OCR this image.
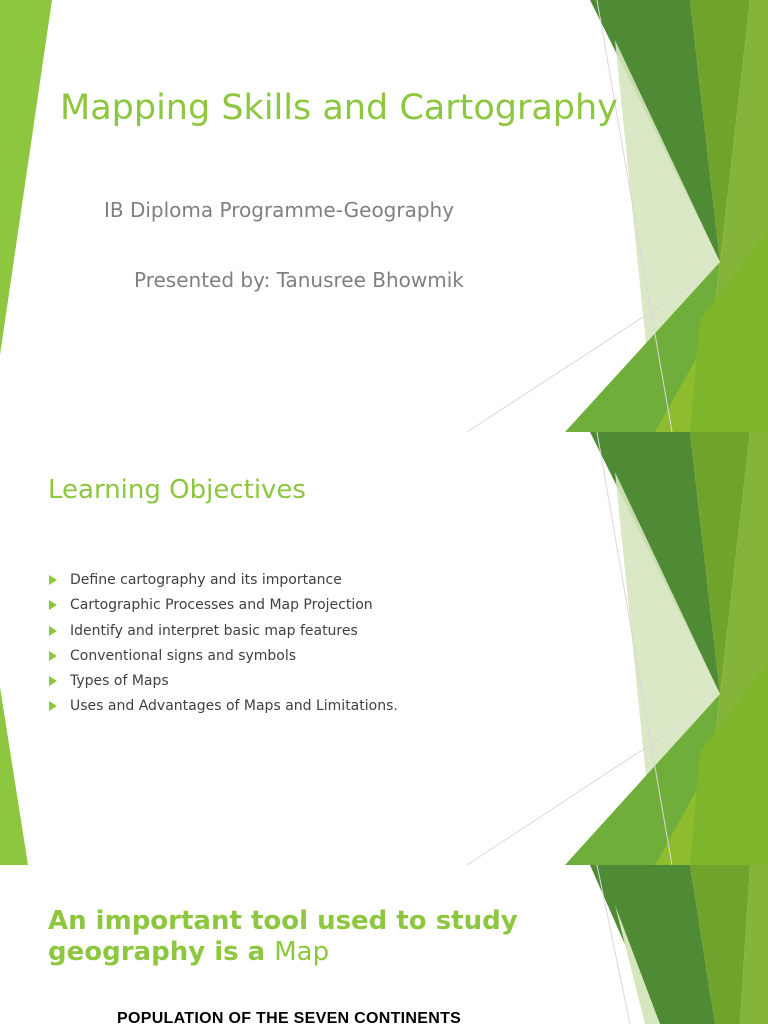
Mapping Skills and Cartography
IB Diploma Programme-Geography
Presented by: Tanusree Bhowmik
Learning Objectives
Define cartography and its importance
Cartographic Processes and Map Projection
Identify and interpret basic map features
Conventional signs and symbols
Types of Maps
Uses and Advantages of Maps and Limitations.
An important tool used to study
geography is a Map
POPULATION OF THE SEVEN CONTINENTS
